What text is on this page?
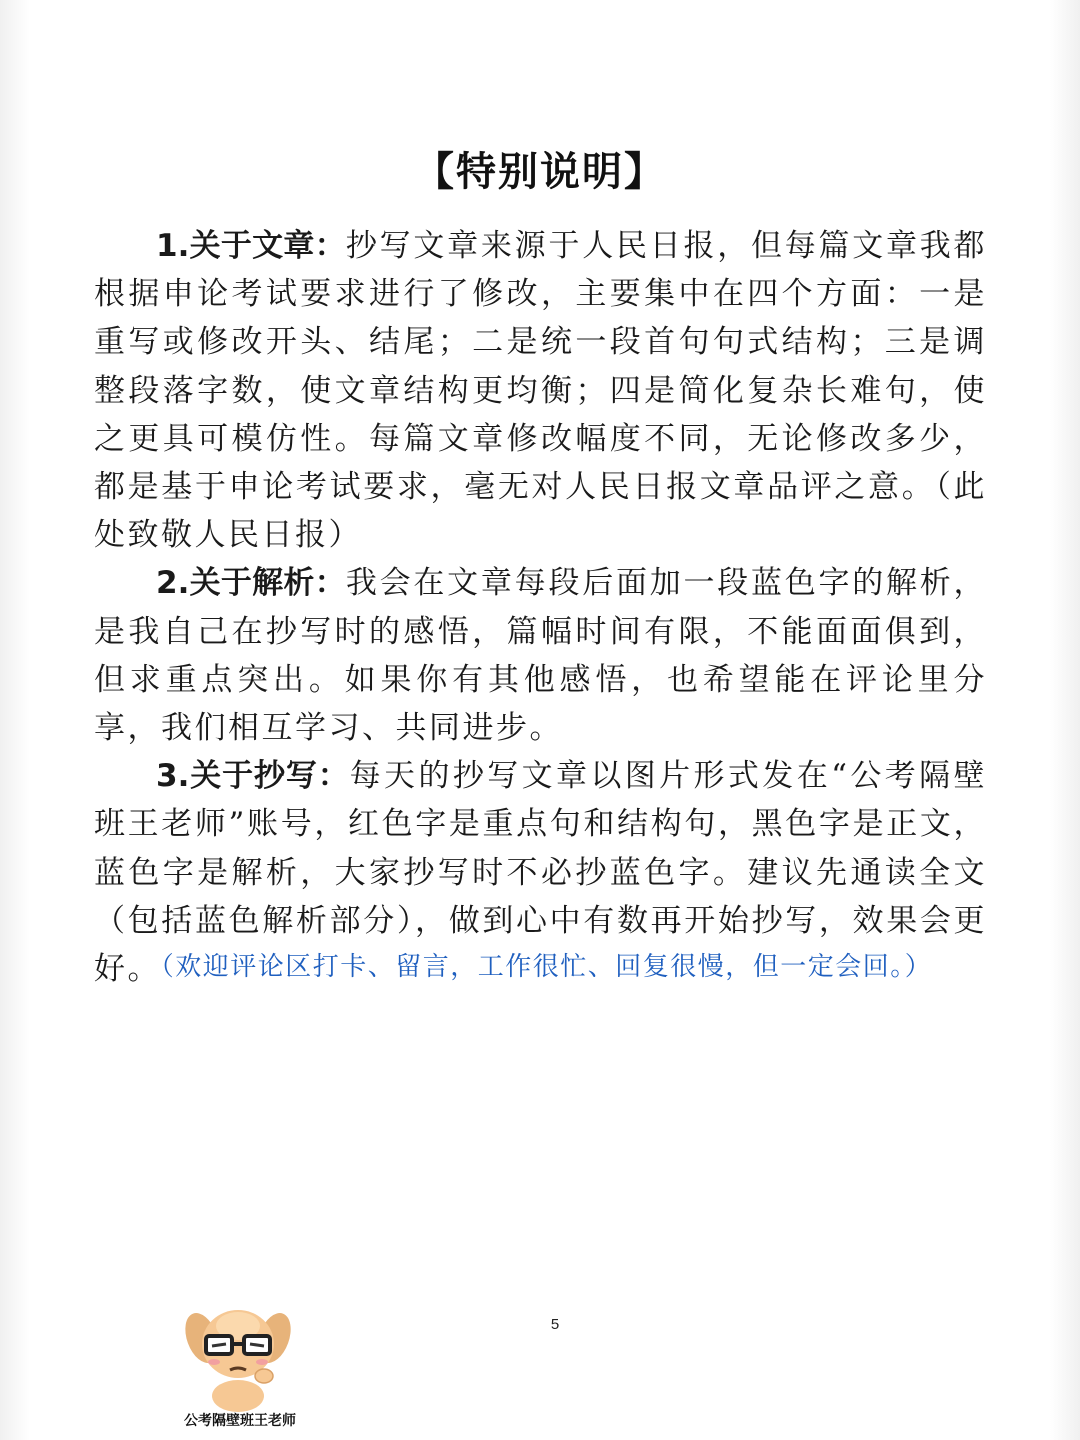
【特别说明】

1.关于文章：抄写文章来源于人民日报，但每篇文章我都根据申论考试要求进行了修改，主要集中在四个方面：一是重写或修改开头、结尾；二是统一段首句句式结构；三是调整段落字数，使文章结构更均衡；四是简化复杂长难句，使之更具可模仿性。每篇文章修改幅度不同，无论修改多少，都是基于申论考试要求，毫无对人民日报文章品评之意。（此处致敬人民日报）

2.关于解析：我会在文章每段后面加一段蓝色字的解析，是我自己在抄写时的感悟，篇幅时间有限，不能面面俱到，但求重点突出。如果你有其他感悟，也希望能在评论里分享，我们相互学习、共同进步。

3.关于抄写：每天的抄写文章以图片形式发在“公考隔壁班王老师”账号，红色字是重点句和结构句，黑色字是正文，蓝色字是解析，大家抄写时不必抄蓝色字。建议先通读全文（包括蓝色解析部分），做到心中有数再开始抄写，效果会更好。

（欢迎评论区打卡、留言，工作很忙、回复很慢，但一定会回。）
5
公考隔壁班王老师
